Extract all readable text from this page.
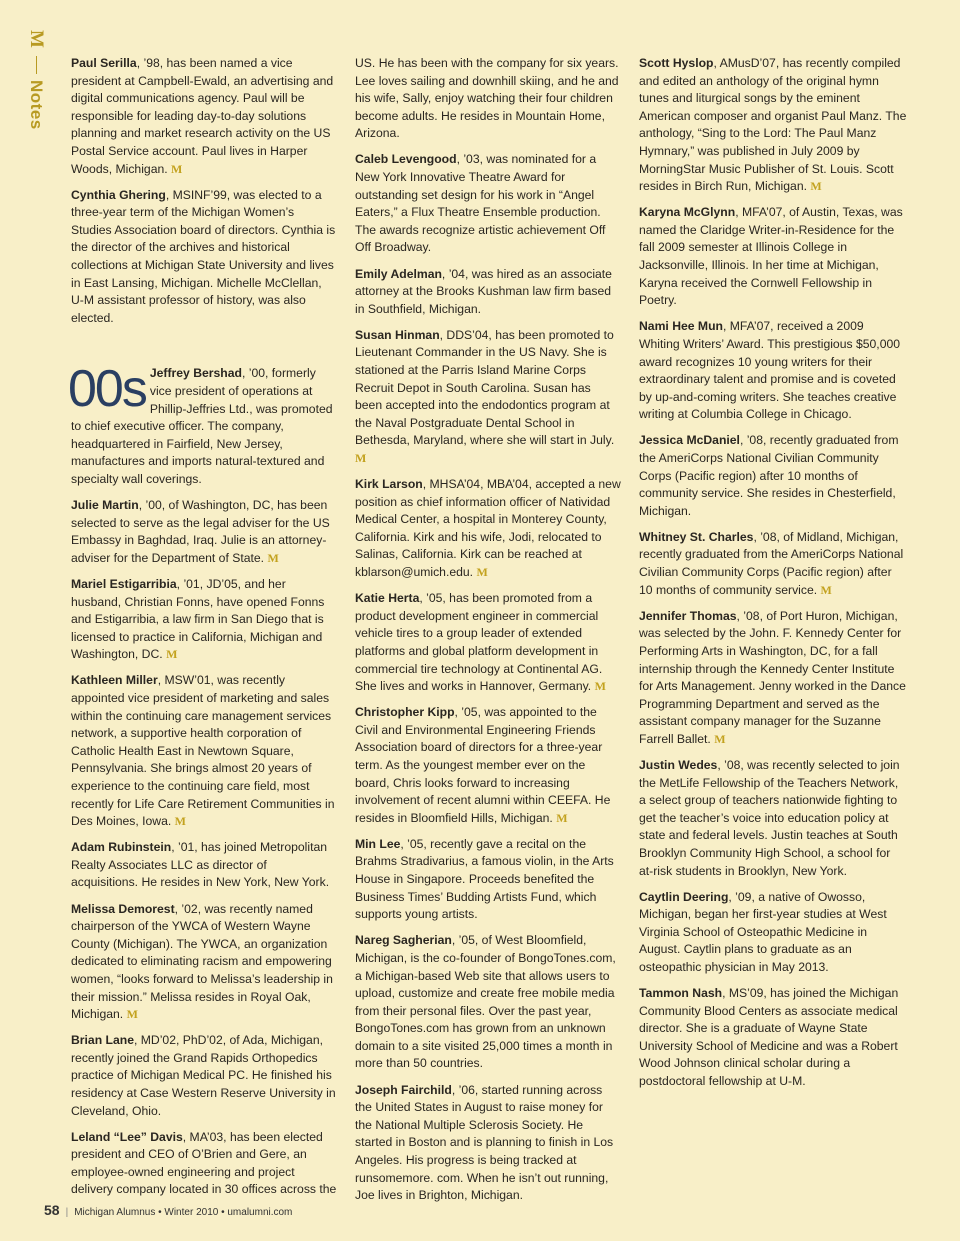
M
Notes

Paul Serilla, ’98, has been named a vice president at Campbell-Ewald, an advertising and digital communications agency. Paul will be responsible for leading day-to-day solutions planning and market research activity on the US Postal Service account. Paul lives in Harper Woods, Michigan. M

Cynthia Ghering, MSINF’99, was elected to a three-year term of the Michigan Women’s Studies Association board of directors. Cynthia is the director of the archives and historical collections at Michigan State University and lives in East Lansing, Michigan. Michelle McClellan, U-M assistant professor of history, was also elected.

00s Jeffrey Bershad, ’00, formerly vice president of operations at Phillip-Jeffries Ltd., was promoted to chief executive officer. The company, headquartered in Fairfield, New Jersey, manufactures and imports natural-textured and specialty wall coverings.

Julie Martin, ’00, of Washington, DC, has been selected to serve as the legal adviser for the US Embassy in Baghdad, Iraq. Julie is an attorney-adviser for the Department of State. M

Mariel Estigarribia, ’01, JD’05, and her husband, Christian Fonns, have opened Fonns and Estigarribia, a law firm in San Diego that is licensed to practice in California, Michigan and Washington, DC. M

Kathleen Miller, MSW’01, was recently appointed vice president of marketing and sales within the continuing care management services network, a supportive health corporation of Catholic Health East in Newtown Square, Pennsylvania. She brings almost 20 years of experience to the continuing care field, most recently for Life Care Retirement Communities in Des Moines, Iowa. M

Adam Rubinstein, ’01, has joined Metropolitan Realty Associates LLC as director of acquisitions. He resides in New York, New York.

Melissa Demorest, ’02, was recently named chairperson of the YWCA of Western Wayne County (Michigan). The YWCA, an organization dedicated to eliminating racism and empowering women, “looks forward to Melissa’s leadership in their mission.” Melissa resides in Royal Oak, Michigan. M

Brian Lane, MD’02, PhD’02, of Ada, Michigan, recently joined the Grand Rapids Orthopedics practice of Michigan Medical PC. He finished his residency at Case Western Reserve University in Cleveland, Ohio.

Leland “Lee” Davis, MA’03, has been elected president and CEO of O’Brien and Gere, an employee-owned engineering and project delivery company located in 30 offices across the

US. He has been with the company for six years. Lee loves sailing and downhill skiing, and he and his wife, Sally, enjoy watching their four children become adults. He resides in Mountain Home, Arizona.

Caleb Levengood, ’03, was nominated for a New York Innovative Theatre Award for outstanding set design for his work in “Angel Eaters,” a Flux Theatre Ensemble production. The awards recognize artistic achievement Off Off Broadway.

Emily Adelman, ’04, was hired as an associate attorney at the Brooks Kushman law firm based in Southfield, Michigan.

Susan Hinman, DDS’04, has been promoted to Lieutenant Commander in the US Navy. She is stationed at the Parris Island Marine Corps Recruit Depot in South Carolina. Susan has been accepted into the endodontics program at the Naval Postgraduate Dental School in Bethesda, Maryland, where she will start in July. M

Kirk Larson, MHSA’04, MBA’04, accepted a new position as chief information officer of Natividad Medical Center, a hospital in Monterey County, California. Kirk and his wife, Jodi, relocated to Salinas, California. Kirk can be reached at kblarson@umich.edu. M

Katie Herta, ’05, has been promoted from a product development engineer in commercial vehicle tires to a group leader of extended platforms and global platform development in commercial tire technology at Continental AG. She lives and works in Hannover, Germany. M

Christopher Kipp, ’05, was appointed to the Civil and Environmental Engineering Friends Association board of directors for a three-year term. As the youngest member ever on the board, Chris looks forward to increasing involvement of recent alumni within CEEFA. He resides in Bloomfield Hills, Michigan. M

Min Lee, ’05, recently gave a recital on the Brahms Stradivarius, a famous violin, in the Arts House in Singapore. Proceeds benefited the Business Times’ Budding Artists Fund, which supports young artists.

Nareg Sagherian, ’05, of West Bloomfield, Michigan, is the co-founder of BongoTones.com, a Michigan-based Web site that allows users to upload, customize and create free mobile media from their personal files. Over the past year, BongoTones.com has grown from an unknown domain to a site visited 25,000 times a month in more than 50 countries.

Joseph Fairchild, ’06, started running across the United States in August to raise money for the National Multiple Sclerosis Society. He started in Boston and is planning to finish in Los Angeles. His progress is being tracked at runsomemore. com. When he isn’t out running, Joe lives in Brighton, Michigan.

Scott Hyslop, AMusD’07, has recently compiled and edited an anthology of the original hymn tunes and liturgical songs by the eminent American composer and organist Paul Manz. The anthology, “Sing to the Lord: The Paul Manz Hymnary,” was published in July 2009 by MorningStar Music Publisher of St. Louis. Scott resides in Birch Run, Michigan. M

Karyna McGlynn, MFA’07, of Austin, Texas, was named the Claridge Writer-in-Residence for the fall 2009 semester at Illinois College in Jacksonville, Illinois. In her time at Michigan, Karyna received the Cornwell Fellowship in Poetry.

Nami Hee Mun, MFA’07, received a 2009 Whiting Writers’ Award. This prestigious $50,000 award recognizes 10 young writers for their extraordinary talent and promise and is coveted by up-and-coming writers. She teaches creative writing at Columbia College in Chicago.

Jessica McDaniel, ’08, recently graduated from the AmeriCorps National Civilian Community Corps (Pacific region) after 10 months of community service. She resides in Chesterfield, Michigan.

Whitney St. Charles, ’08, of Midland, Michigan, recently graduated from the AmeriCorps National Civilian Community Corps (Pacific region) after 10 months of community service. M

Jennifer Thomas, ’08, of Port Huron, Michigan, was selected by the John. F. Kennedy Center for Performing Arts in Washington, DC, for a fall internship through the Kennedy Center Institute for Arts Management. Jenny worked in the Dance Programming Department and served as the assistant company manager for the Suzanne Farrell Ballet. M

Justin Wedes, ’08, was recently selected to join the MetLife Fellowship of the Teachers Network, a select group of teachers nationwide fighting to get the teacher’s voice into education policy at state and federal levels. Justin teaches at South Brooklyn Community High School, a school for at-risk students in Brooklyn, New York.

Caytlin Deering, ’09, a native of Owosso, Michigan, began her first-year studies at West Virginia School of Osteopathic Medicine in August. Caytlin plans to graduate as an osteopathic physician in May 2013.

Tammon Nash, MS’09, has joined the Michigan Community Blood Centers as associate medical director. She is a graduate of Wayne State University School of Medicine and was a Robert Wood Johnson clinical scholar during a postdoctoral fellowship at U-M.

58 | Michigan Alumnus • Winter 2010 • umalumni.com
